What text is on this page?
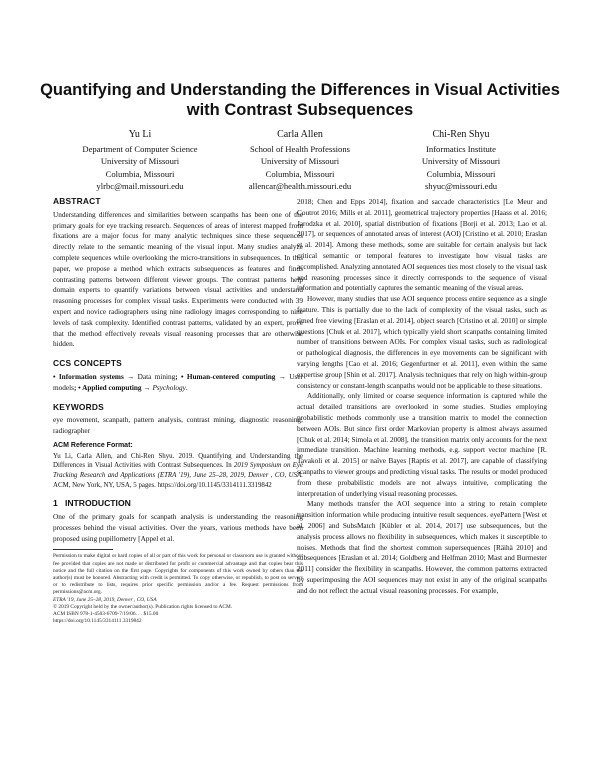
Quantifying and Understanding the Differences in Visual Activities with Contrast Subsequences
Yu Li
Department of Computer Science
University of Missouri
Columbia, Missouri
ylrbc@mail.missouri.edu
Carla Allen
School of Health Professions
University of Missouri
Columbia, Missouri
allencar@health.missouri.edu
Chi-Ren Shyu
Informatics Institute
University of Missouri
Columbia, Missouri
shyuc@missouri.edu
ABSTRACT

Understanding differences and similarities between scanpaths has been one of the primary goals for eye tracking research. Sequences of areas of interest mapped from fixations are a major focus for many analytic techniques since these sequences directly relate to the semantic meaning of the visual input. Many studies analyze complete sequences while overlooking the micro-transitions in subsequences. In this paper, we propose a method which extracts subsequences as features and finds contrasting patterns between different viewer groups. The contrast patterns help domain experts to quantify variations between visual activities and understand reasoning processes for complex visual tasks. Experiments were conducted with 39 expert and novice radiographers using nine radiology images corresponding to nine levels of task complexity. Identified contrast patterns, validated by an expert, prove that the method effectively reveals visual reasoning processes that are otherwise hidden.

CCS CONCEPTS

• Information systems → Data mining; • Human-centered computing → User models; • Applied computing → Psychology.

KEYWORDS

eye movement, scanpath, pattern analysis, contrast mining, diagnostic reasoning, radiographer

ACM Reference Format:

Yu Li, Carla Allen, and Chi-Ren Shyu. 2019. Quantifying and Understanding the Differences in Visual Activities with Contrast Subsequences. In 2019 Symposium on Eye Tracking Research and Applications (ETRA '19), June 25–28, 2019, Denver , CO, USA. ACM, New York, NY, USA, 5 pages. https://doi.org/10.1145/3314111.3319842

1 INTRODUCTION

One of the primary goals for scanpath analysis is understanding the reasoning processes behind the visual activities. Over the years, various methods have been proposed using pupillometry [Appel et al.

Permission to make digital or hard copies of all or part of this work for personal or classroom use is granted without fee provided that copies are not made or distributed for profit or commercial advantage and that copies bear this notice and the full citation on the first page. Copyrights for components of this work owned by others than the author(s) must be honored. Abstracting with credit is permitted. To copy otherwise, or republish, to post on servers or to redistribute to lists, requires prior specific permission and/or a fee. Request permissions from permissions@acm.org.
ETRA '19, June 25–28, 2019, Denver , CO, USA
© 2019 Copyright held by the owner/author(s). Publication rights licensed to ACM.
ACM ISBN 978-1-4503-6709-7/19/06. . . $15.00
https://doi.org/10.1145/3314111.3319842

2018; Chen and Epps 2014], fixation and saccade characteristics [Le Meur and Coutrot 2016; Mills et al. 2011], geometrical trajectory properties [Haass et al. 2016; Jarodzka et al. 2010], spatial distribution of fixations [Borji et al. 2013; Lao et al. 2017], or sequences of annotated areas of interest (AOI) [Cristino et al. 2010; Eraslan et al. 2014]. Among these methods, some are suitable for certain analysis but lack critical semantic or temporal features to investigate how visual tasks are accomplished. Analyzing annotated AOI sequences ties most closely to the visual task and reasoning processes since it directly corresponds to the sequence of visual information and potentially captures the semantic meaning of the visual areas.

However, many studies that use AOI sequence process entire sequence as a single feature. This is partially due to the lack of complexity of the visual tasks, such as timed free viewing [Eraslan et al. 2014], object search [Cristino et al. 2010] or simple questions [Chuk et al. 2017], which typically yield short scanpaths containing limited number of transitions between AOIs. For complex visual tasks, such as radiological or pathological diagnosis, the differences in eye movements can be significant with varying lengths [Cao et al. 2016; Gegenfurtner et al. 2011], even within the same expertise group [Shin et al. 2017]. Analysis techniques that rely on high within-group consistency or constant-length scanpaths would not be applicable to these situations.

Additionally, only limited or coarse sequence information is captured while the actual detailed transitions are overlooked in some studies. Studies employing probabilistic methods commonly use a transition matrix to model the connection between AOIs. But since first order Markovian property is almost always assumed [Chuk et al. 2014; Simola et al. 2008], the transition matrix only accounts for the next immediate transition. Machine learning methods, e.g. support vector machine [R. Tavakoli et al. 2015] or naïve Bayes [Raptis et al. 2017], are capable of classifying scanpaths to viewer groups and predicting visual tasks. The results or model produced from these probabilistic models are not always intuitive, complicating the interpretation of underlying visual reasoning processes.

Many methods transfer the AOI sequence into a string to retain complete transition information while producing intuitive result sequences. eyePattern [West et al. 2006] and SubsMatch [Kübler et al. 2014, 2017] use subsequences, but the analysis process allows no flexibility in subsequences, which makes it susceptible to noises. Methods that find the shortest common supersequences [Räihä 2010] and subsequences [Eraslan et al. 2014; Goldberg and Helfman 2010; Mast and Burmester 2011] consider the flexibility in scanpaths. However, the common patterns extracted by superimposing the AOI sequences may not exist in any of the original scanpaths and do not reflect the actual visual reasoning processes. For example,
